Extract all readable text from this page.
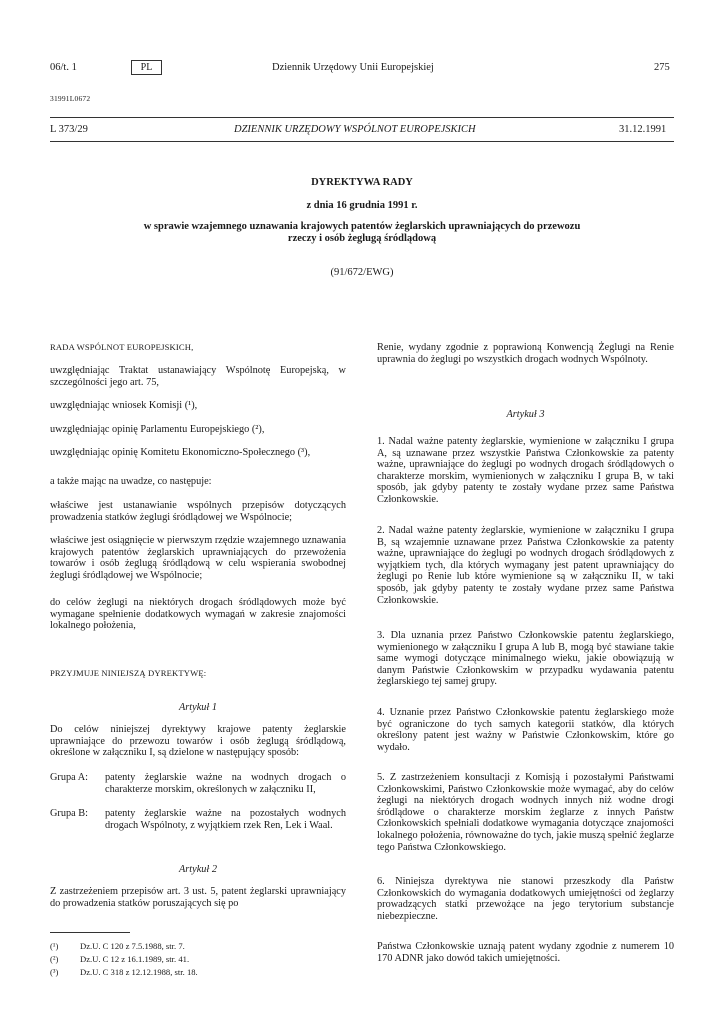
06/t. 1	PL	Dziennik Urzędowy Unii Europejskiej	275
31991L0672
L 373/29	DZIENNIK URZĘDOWY WSPÓLNOT EUROPEJSKICH	31.12.1991
DYREKTYWA RADY
z dnia 16 grudnia 1991 r.
w sprawie wzajemnego uznawania krajowych patentów żeglarskich uprawniających do przewozu
rzeczy i osób żeglugą śródlądową
(91/672/EWG)
RADA WSPÓLNOT EUROPEJSKICH,
uwzględniając Traktat ustanawiający Wspólnotę Europejską, w szczególności jego art. 75,
uwzględniając wniosek Komisji (¹),
uwzględniając opinię Parlamentu Europejskiego (²),
uwzględniając opinię Komitetu Ekonomiczno-Społecznego (³),
a także mając na uwadze, co następuje:
właściwe jest ustanawianie wspólnych przepisów dotyczących prowadzenia statków żeglugi śródlądowej we Wspólnocie;
właściwe jest osiągnięcie w pierwszym rzędzie wzajemnego uznawania krajowych patentów żeglarskich uprawniających do przewożenia towarów i osób żeglugą śródlądową w celu wspierania swobodnej żeglugi śródlądowej we Wspólnocie;
do celów żeglugi na niektórych drogach śródlądowych może być wymagane spełnienie dodatkowych wymagań w zakresie znajomości lokalnego położenia,
PRZYJMUJE NINIEJSZĄ DYREKTYWĘ:
Artykuł 1
Do celów niniejszej dyrektywy krajowe patenty żeglarskie uprawniające do przewozu towarów i osób żeglugą śródlądową, określone w załączniku I, są dzielone w następujący sposób:
Grupa A: patenty żeglarskie ważne na wodnych drogach o charakterze morskim, określonych w załączniku II,
Grupa B: patenty żeglarskie ważne na pozostałych wodnych drogach Wspólnoty, z wyjątkiem rzek Ren, Lek i Waal.
Artykuł 2
Z zastrzeżeniem przepisów art. 3 ust. 5, patent żeglarski uprawniający do prowadzenia statków poruszających się po
(¹)	Dz.U. C 120 z 7.5.1988, str. 7.
(²)	Dz.U. C 12 z 16.1.1989, str. 41.
(³)	Dz.U. C 318 z 12.12.1988, str. 18.
Renie, wydany zgodnie z poprawioną Konwencją Żeglugi na Renie uprawnia do żeglugi po wszystkich drogach wodnych Wspólnoty.
Artykuł 3
1. Nadal ważne patenty żeglarskie, wymienione w załączniku I grupa A, są uznawane przez wszystkie Państwa Członkowskie za patenty ważne, uprawniające do żeglugi po wodnych drogach śródlądowych o charakterze morskim, wymienionych w załączniku I grupa B, w taki sposób, jak gdyby patenty te zostały wydane przez same Państwa Członkowskie.
2. Nadal ważne patenty żeglarskie, wymienione w załączniku I grupa B, są wzajemnie uznawane przez Państwa Członkowskie za patenty ważne, uprawniające do żeglugi po wodnych drogach śródlądowych z wyjątkiem tych, dla których wymagany jest patent uprawniający do żeglugi po Renie lub które wymienione są w załączniku II, w taki sposób, jak gdyby patenty te zostały wydane przez same Państwa Członkowskie.
3. Dla uznania przez Państwo Członkowskie patentu żeglarskiego, wymienionego w załączniku I grupa A lub B, mogą być stawiane takie same wymogi dotyczące minimalnego wieku, jakie obowiązują w danym Państwie Członkowskim w przypadku wydawania patentu żeglarskiego tej samej grupy.
4. Uznanie przez Państwo Członkowskie patentu żeglarskiego może być ograniczone do tych samych kategorii statków, dla których określony patent jest ważny w Państwie Członkowskim, które go wydało.
5. Z zastrzeżeniem konsultacji z Komisją i pozostałymi Państwami Członkowskimi, Państwo Członkowskie może wymagać, aby do celów żeglugi na niektórych drogach wodnych innych niż wodne drogi śródlądowe o charakterze morskim żeglarze z innych Państw Członkowskich spełniali dodatkowe wymagania dotyczące znajomości lokalnego położenia, równoważne do tych, jakie muszą spełnić żeglarze tego Państwa Członkowskiego.
6. Niniejsza dyrektywa nie stanowi przeszkody dla Państw Członkowskich do wymagania dodatkowych umiejętności od żeglarzy prowadzących statki przewożące na jego terytorium substancje niebezpieczne.
Państwa Członkowskie uznają patent wydany zgodnie z numerem 10 170 ADNR jako dowód takich umiejętności.
